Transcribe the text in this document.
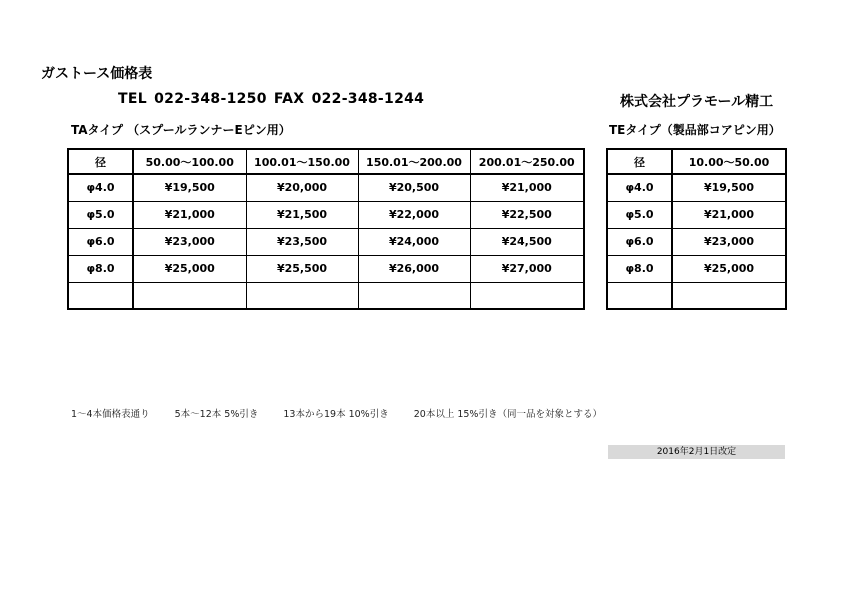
ガストース価格表
TEL 022-348-1250 FAX 022-348-1244	株式会社プラモール精工
TAタイプ （スプールランナーEピン用）	TEタイプ（製品部コアピン用）
径	50.00～100.00	100.01～150.00	150.01～200.00	200.01～250.00
φ4.0	¥19,500	¥20,000	¥20,500	¥21,000
φ5.0	¥21,000	¥21,500	¥22,000	¥22,500
φ6.0	¥23,000	¥23,500	¥24,000	¥24,500
φ8.0	¥25,000	¥25,500	¥26,000	¥27,000

径	10.00～50.00
φ4.0	¥19,500
φ5.0	¥21,000
φ6.0	¥23,000
φ8.0	¥25,000

1～4本価格表通り	5本～12本 5%引き	13本から19本 10%引き	20本以上 15%引き（同一品を対象とする）
2016年2月1日改定
